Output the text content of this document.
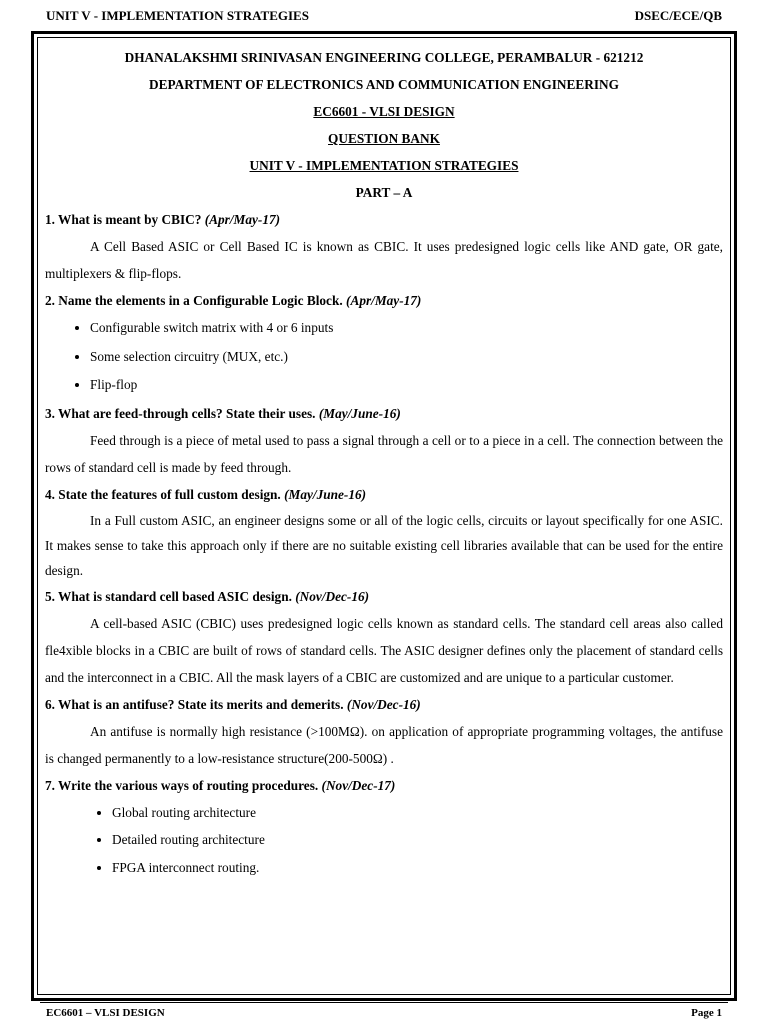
UNIT V - IMPLEMENTATION STRATEGIES	DSEC/ECE/QB
DHANALAKSHMI SRINIVASAN ENGINEERING COLLEGE, PERAMBALUR - 621212
DEPARTMENT OF ELECTRONICS AND COMMUNICATION ENGINEERING
EC6601 - VLSI DESIGN
QUESTION BANK
UNIT V - IMPLEMENTATION STRATEGIES
PART – A
1. What is meant by CBIC? (Apr/May-17)
A Cell Based ASIC or Cell Based IC is known as CBIC. It uses predesigned logic cells like AND gate, OR gate, multiplexers & flip-flops.
2. Name the elements in a Configurable Logic Block. (Apr/May-17)
• Configurable switch matrix with 4 or 6 inputs
• Some selection circuitry (MUX, etc.)
• Flip-flop
3. What are feed-through cells? State their uses. (May/June-16)
Feed through is a piece of metal used to pass a signal through a cell or to a piece in a cell. The connection between the rows of standard cell is made by feed through.
4. State the features of full custom design. (May/June-16)
In a Full custom ASIC, an engineer designs some or all of the logic cells, circuits or layout specifically for one ASIC. It makes sense to take this approach only if there are no suitable existing cell libraries available that can be used for the entire design.
5. What is standard cell based ASIC design. (Nov/Dec-16)
A cell-based ASIC (CBIC) uses predesigned logic cells known as standard cells. The standard cell areas also called fle4xible blocks in a CBIC are built of rows of standard cells. The ASIC designer defines only the placement of standard cells and the interconnect in a CBIC. All the mask layers of a CBIC are customized and are unique to a particular customer.
6. What is an antifuse? State its merits and demerits. (Nov/Dec-16)
An antifuse is normally high resistance (>100MΩ). on application of appropriate programming voltages, the antifuse is changed permanently to a low-resistance structure(200-500Ω) .
7. Write the various ways of routing procedures. (Nov/Dec-17)
• Global routing architecture
• Detailed routing architecture
• FPGA interconnect routing.
EC6601 – VLSI DESIGN	Page 1
